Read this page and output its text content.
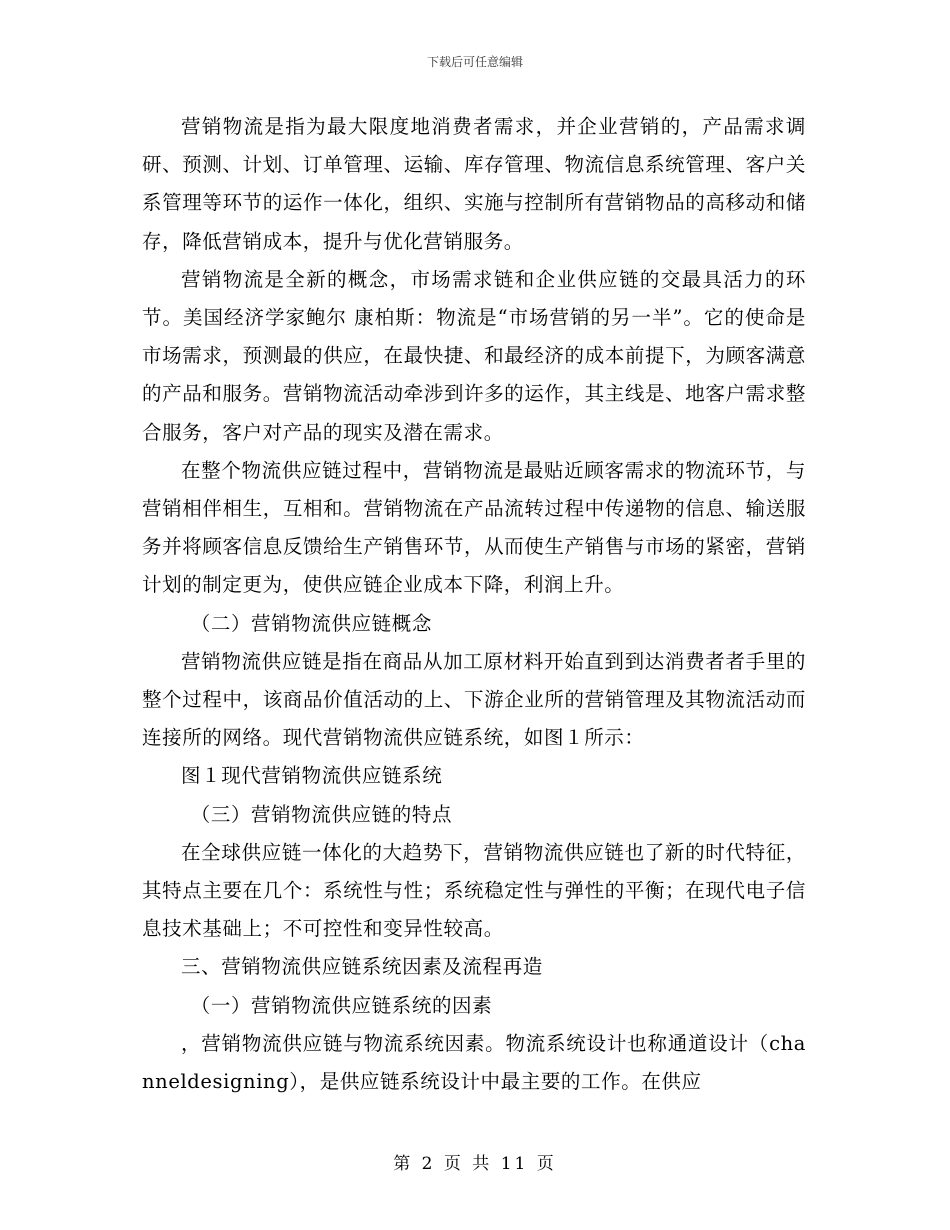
下载后可任意编辑

营销物流是指为最大限度地消费者需求，并企业营销的，产品需求调研、预测、计划、订单管理、运输、库存管理、物流信息系统管理、客户关系管理等环节的运作一体化，组织、实施与控制所有营销物品的高移动和储存，降低营销成本，提升与优化营销服务。

营销物流是全新的概念，市场需求链和企业供应链的交最具活力的环节。美国经济学家鲍尔 康柏斯：物流是“市场营销的另一半”。它的使命是市场需求，预测最的供应，在最快捷、和最经济的成本前提下，为顾客满意的产品和服务。营销物流活动牵涉到许多的运作，其主线是、地客户需求整合服务，客户对产品的现实及潜在需求。

在整个物流供应链过程中，营销物流是最贴近顾客需求的物流环节，与营销相伴相生，互相和。营销物流在产品流转过程中传递物的信息、输送服务并将顾客信息反馈给生产销售环节，从而使生产销售与市场的紧密，营销计划的制定更为，使供应链企业成本下降，利润上升。

（二）营销物流供应链概念

营销物流供应链是指在商品从加工原材料开始直到到达消费者者手里的整个过程中，该商品价值活动的上、下游企业所的营销管理及其物流活动而连接所的网络。现代营销物流供应链系统，如图１所示：

图１现代营销物流供应链系统

（三）营销物流供应链的特点

在全球供应链一体化的大趋势下，营销物流供应链也了新的时代特征，其特点主要在几个：系统性与性；系统稳定性与弹性的平衡；在现代电子信息技术基础上；不可控性和变异性较高。

三、营销物流供应链系统因素及流程再造

（一）营销物流供应链系统的因素

，营销物流供应链与物流系统因素。物流系统设计也称通道设计（channeldesigning），是供应链系统设计中最主要的工作。在供应

第 2 页 共 11 页
